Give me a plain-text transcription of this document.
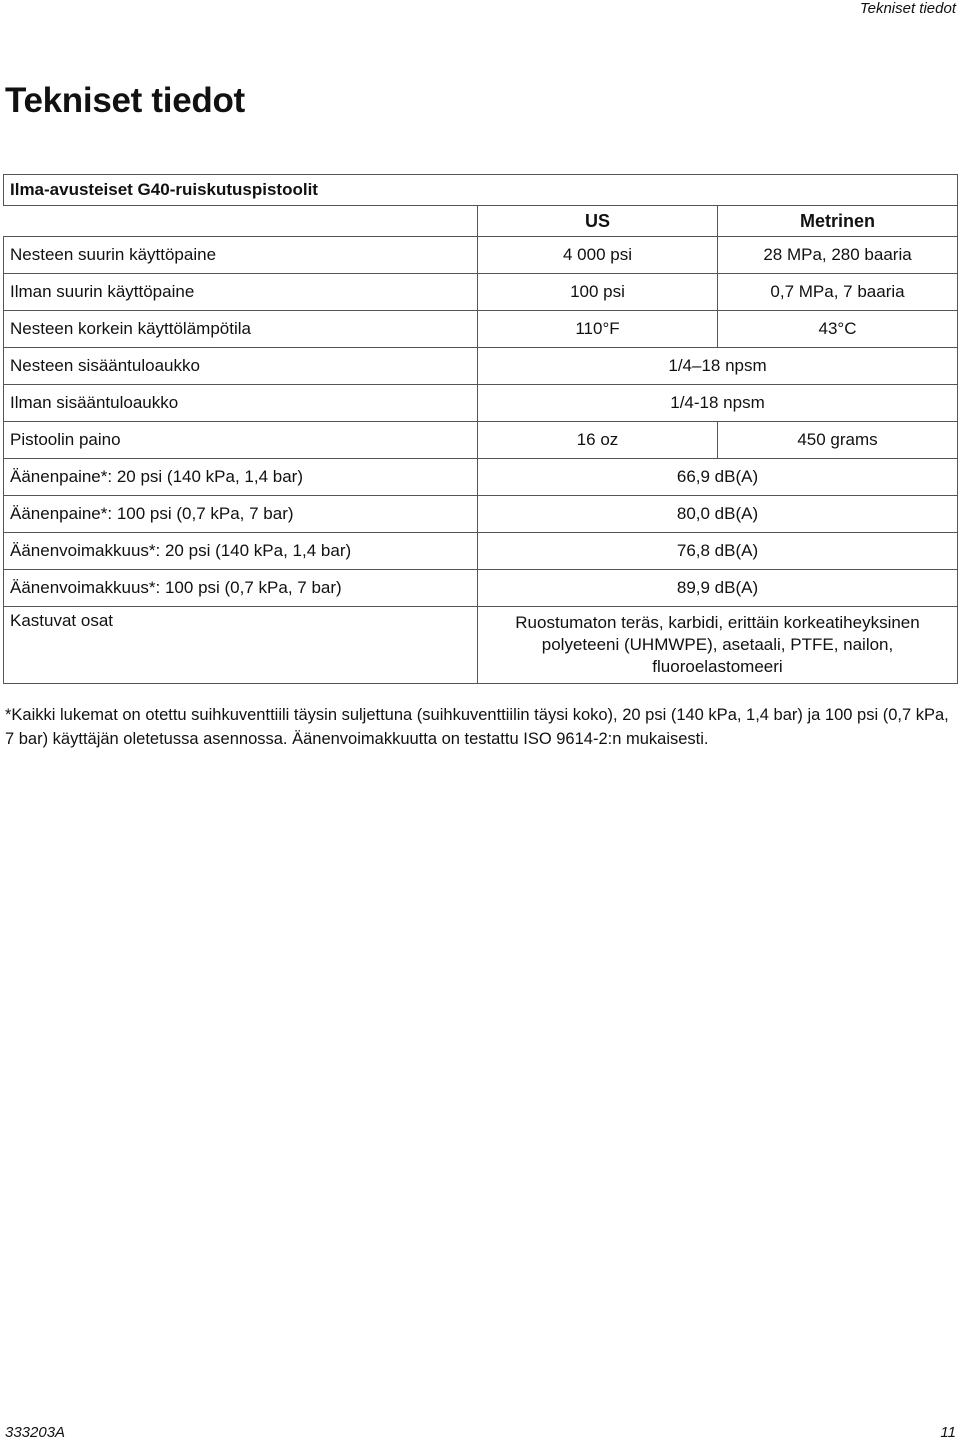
Tekniset tiedot
Tekniset tiedot
Ilma-avusteiset G40-ruiskutuspistoolit		
	US	Metrinen
Nesteen suurin käyttöpaine	4 000 psi	28 MPa, 280 baaria
Ilman suurin käyttöpaine	100 psi	0,7 MPa, 7 baaria
Nesteen korkein käyttölämpötila	110°F	43°C
Nesteen sisääntuloaukko	1/4–18 npsm	
Ilman sisääntuloaukko	1/4-18 npsm	
Pistoolin paino	16 oz	450 grams
Äänenpaine*: 20 psi (140 kPa, 1,4 bar)	66,9 dB(A)	
Äänenpaine*: 100 psi (0,7 kPa, 7 bar)	80,0 dB(A)	
Äänenvoimakkuus*: 20 psi (140 kPa, 1,4 bar)	76,8 dB(A)	
Äänenvoimakkuus*: 100 psi (0,7 kPa, 7 bar)	89,9 dB(A)	
Kastuvat osat	Ruostumaton teräs, karbidi, erittäin korkeatiheyksinen polyeteeni (UHMWPE), asetaali, PTFE, nailon, fluoroelastomeeri	

*Kaikki lukemat on otettu suihkuventtiili täysin suljettuna (suihkuventtiilin täysi koko), 20 psi (140 kPa, 1,4 bar) ja 100 psi (0,7 kPa, 7 bar) käyttäjän oletetussa asennossa. Äänenvoimakkuutta on testattu ISO 9614-2:n mukaisesti.

333203A	11
